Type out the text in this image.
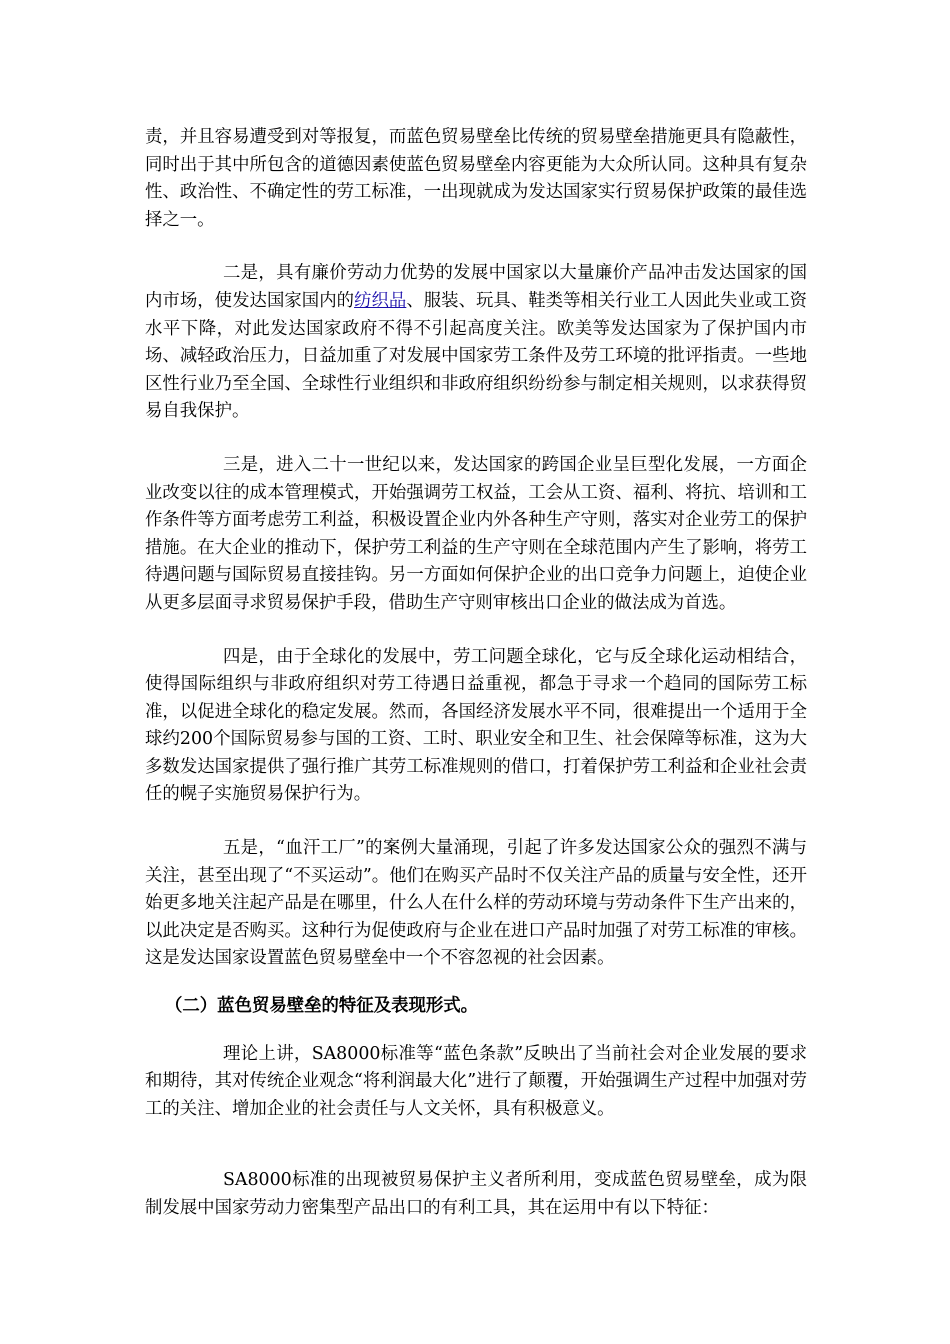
责，并且容易遭受到对等报复，而蓝色贸易壁垒比传统的贸易壁垒措施更具有隐蔽性，同时出于其中所包含的道德因素使蓝色贸易壁垒内容更能为大众所认同。这种具有复杂性、政治性、不确定性的劳工标准，一出现就成为发达国家实行贸易保护政策的最佳选择之一。

二是，具有廉价劳动力优势的发展中国家以大量廉价产品冲击发达国家的国内市场，使发达国家国内的纺织品、服装、玩具、鞋类等相关行业工人因此失业或工资水平下降，对此发达国家政府不得不引起高度关注。欧美等发达国家为了保护国内市场、减轻政治压力，日益加重了对发展中国家劳工条件及劳工环境的批评指责。一些地区性行业乃至全国、全球性行业组织和非政府组织纷纷参与制定相关规则，以求获得贸易自我保护。

三是，进入二十一世纪以来，发达国家的跨国企业呈巨型化发展，一方面企业改变以往的成本管理模式，开始强调劳工权益，工会从工资、福利、将抗、培训和工作条件等方面考虑劳工利益，积极设置企业内外各种生产守则，落实对企业劳工的保护措施。在大企业的推动下，保护劳工利益的生产守则在全球范围内产生了影响，将劳工待遇问题与国际贸易直接挂钩。另一方面如何保护企业的出口竞争力问题上，迫使企业从更多层面寻求贸易保护手段，借助生产守则审核出口企业的做法成为首选。

四是，由于全球化的发展中，劳工问题全球化，它与反全球化运动相结合，使得国际组织与非政府组织对劳工待遇日益重视，都急于寻求一个趋同的国际劳工标准，以促进全球化的稳定发展。然而，各国经济发展水平不同，很难提出一个适用于全球约200个国际贸易参与国的工资、工时、职业安全和卫生、社会保障等标准，这为大多数发达国家提供了强行推广其劳工标准规则的借口，打着保护劳工利益和企业社会责任的幌子实施贸易保护行为。

五是，“血汗工厂”的案例大量涌现，引起了许多发达国家公众的强烈不满与关注，甚至出现了“不买运动”。他们在购买产品时不仅关注产品的质量与安全性，还开始更多地关注起产品是在哪里，什么人在什么样的劳动环境与劳动条件下生产出来的，以此决定是否购买。这种行为促使政府与企业在进口产品时加强了对劳工标准的审核。这是发达国家设置蓝色贸易壁垒中一个不容忽视的社会因素。

（二）蓝色贸易壁垒的特征及表现形式。

理论上讲，SA8000标准等“蓝色条款”反映出了当前社会对企业发展的要求和期待，其对传统企业观念“将利润最大化”进行了颠覆，开始强调生产过程中加强对劳工的关注、增加企业的社会责任与人文关怀，具有积极意义。

SA8000标准的出现被贸易保护主义者所利用，变成蓝色贸易壁垒，成为限制发展中国家劳动力密集型产品出口的有利工具，其在运用中有以下特征：
